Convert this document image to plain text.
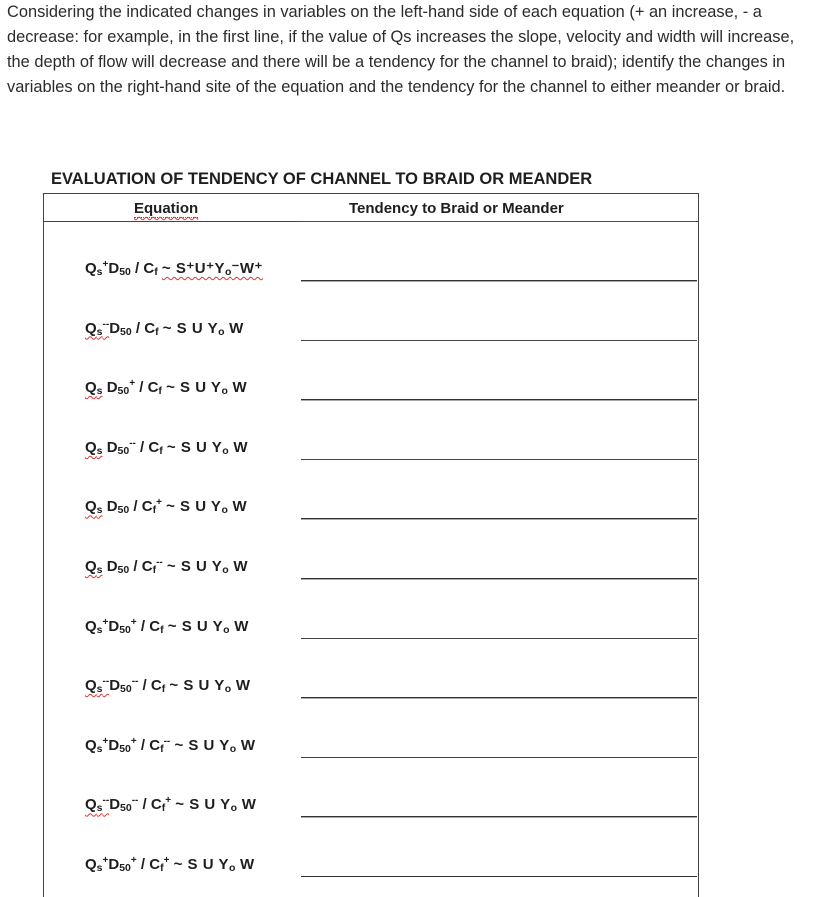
Considering the indicated changes in variables on the left-hand side of each equation (+ an increase, - a decrease: for example, in the first line, if the value of Qs increases the slope, velocity and width will increase, the depth of flow will decrease and there will be a tendency for the channel to braid); identify the changes in variables on the right-hand site of the equation and the tendency for the channel to either meander or braid.

EVALUATION OF TENDENCY OF CHANNEL TO BRAID OR MEANDER
Equation	Tendency to Braid or Meander
$Q_s^+D_{50} / C_f$ ~ $S^+U^+Y_o^-W^+$
$Q_s^{--}D_{50} / C_f$ ~ S U $Y_o$ W
$Q_s$ $D_{50}^+ / C_f$ ~ S U $Y_o$ W
$Q_s$ $D_{50}^{--} / C_f$ ~ S U $Y_o$ W
$Q_s$ $D_{50} / C_f^+$ ~ S U $Y_o$ W
$Q_s$ $D_{50} / C_f^{--}$ ~ S U $Y_o$ W
$Q_s^+D_{50}^+ / C_f$ ~ S U $Y_o$ W
$Q_s^{--}D_{50}^{--} / C_f$ ~ S U $Y_o$ W
$Q_s^+D_{50}^+ / C_f^{--}$ ~ S U $Y_o$ W
$Q_s^{--}D_{50}^{--} / C_f^+$ ~ S U $Y_o$ W
$Q_s^+D_{50}^+ / C_f^+$ ~ S U $Y_o$ W
